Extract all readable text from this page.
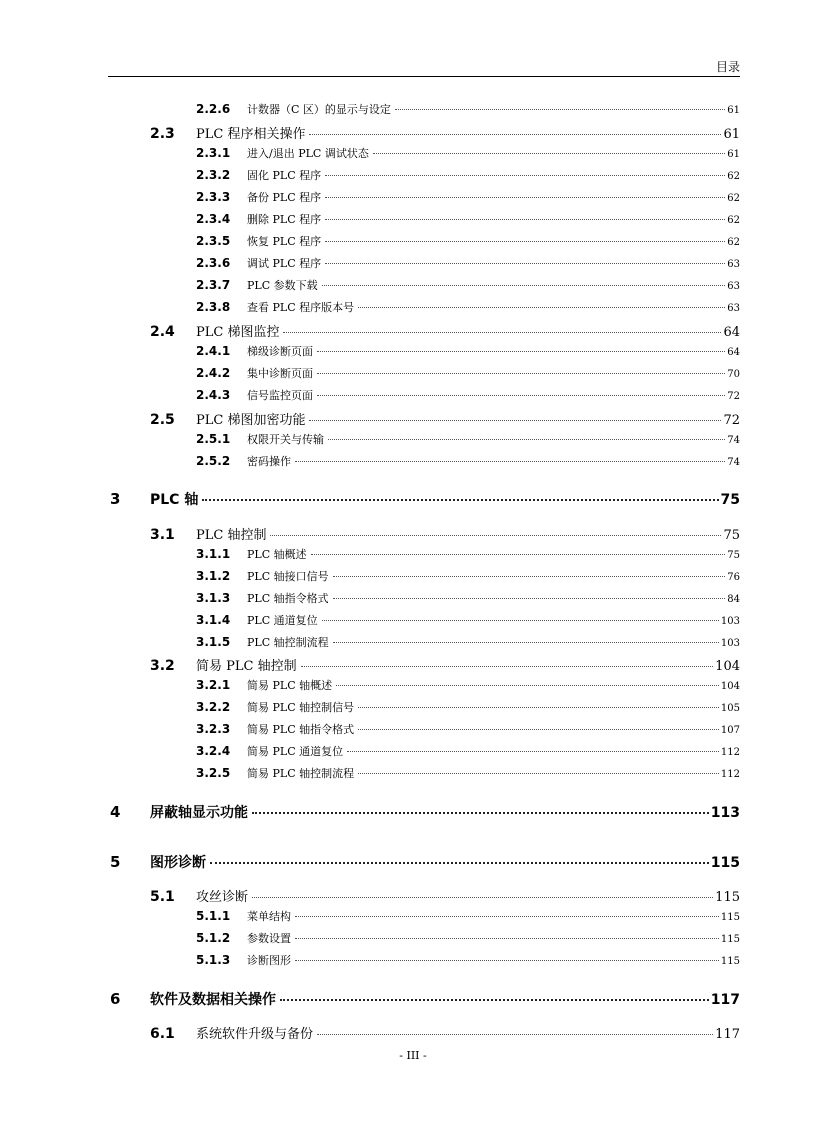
目录
2.2.6	计数器（C 区）的显示与设定	61
2.3	PLC 程序相关操作	61
2.3.1	进入/退出 PLC 调试状态	61
2.3.2	固化 PLC 程序	62
2.3.3	备份 PLC 程序	62
2.3.4	删除 PLC 程序	62
2.3.5	恢复 PLC 程序	62
2.3.6	调试 PLC 程序	63
2.3.7	PLC 参数下载	63
2.3.8	查看 PLC 程序版本号	63
2.4	PLC 梯图监控	64
2.4.1	梯级诊断页面	64
2.4.2	集中诊断页面	70
2.4.3	信号监控页面	72
2.5	PLC 梯图加密功能	72
2.5.1	权限开关与传输	74
2.5.2	密码操作	74
3	PLC 轴	75
3.1	PLC 轴控制	75
3.1.1	PLC 轴概述	75
3.1.2	PLC 轴接口信号	76
3.1.3	PLC 轴指令格式	84
3.1.4	PLC 通道复位	103
3.1.5	PLC 轴控制流程	103
3.2	简易 PLC 轴控制	104
3.2.1	简易 PLC 轴概述	104
3.2.2	简易 PLC 轴控制信号	105
3.2.3	简易 PLC 轴指令格式	107
3.2.4	简易 PLC 通道复位	112
3.2.5	简易 PLC 轴控制流程	112
4	屏蔽轴显示功能	113
5	图形诊断	115
5.1	攻丝诊断	115
5.1.1	菜单结构	115
5.1.2	参数设置	115
5.1.3	诊断图形	115
6	软件及数据相关操作	117
6.1	系统软件升级与备份	117
- III -
